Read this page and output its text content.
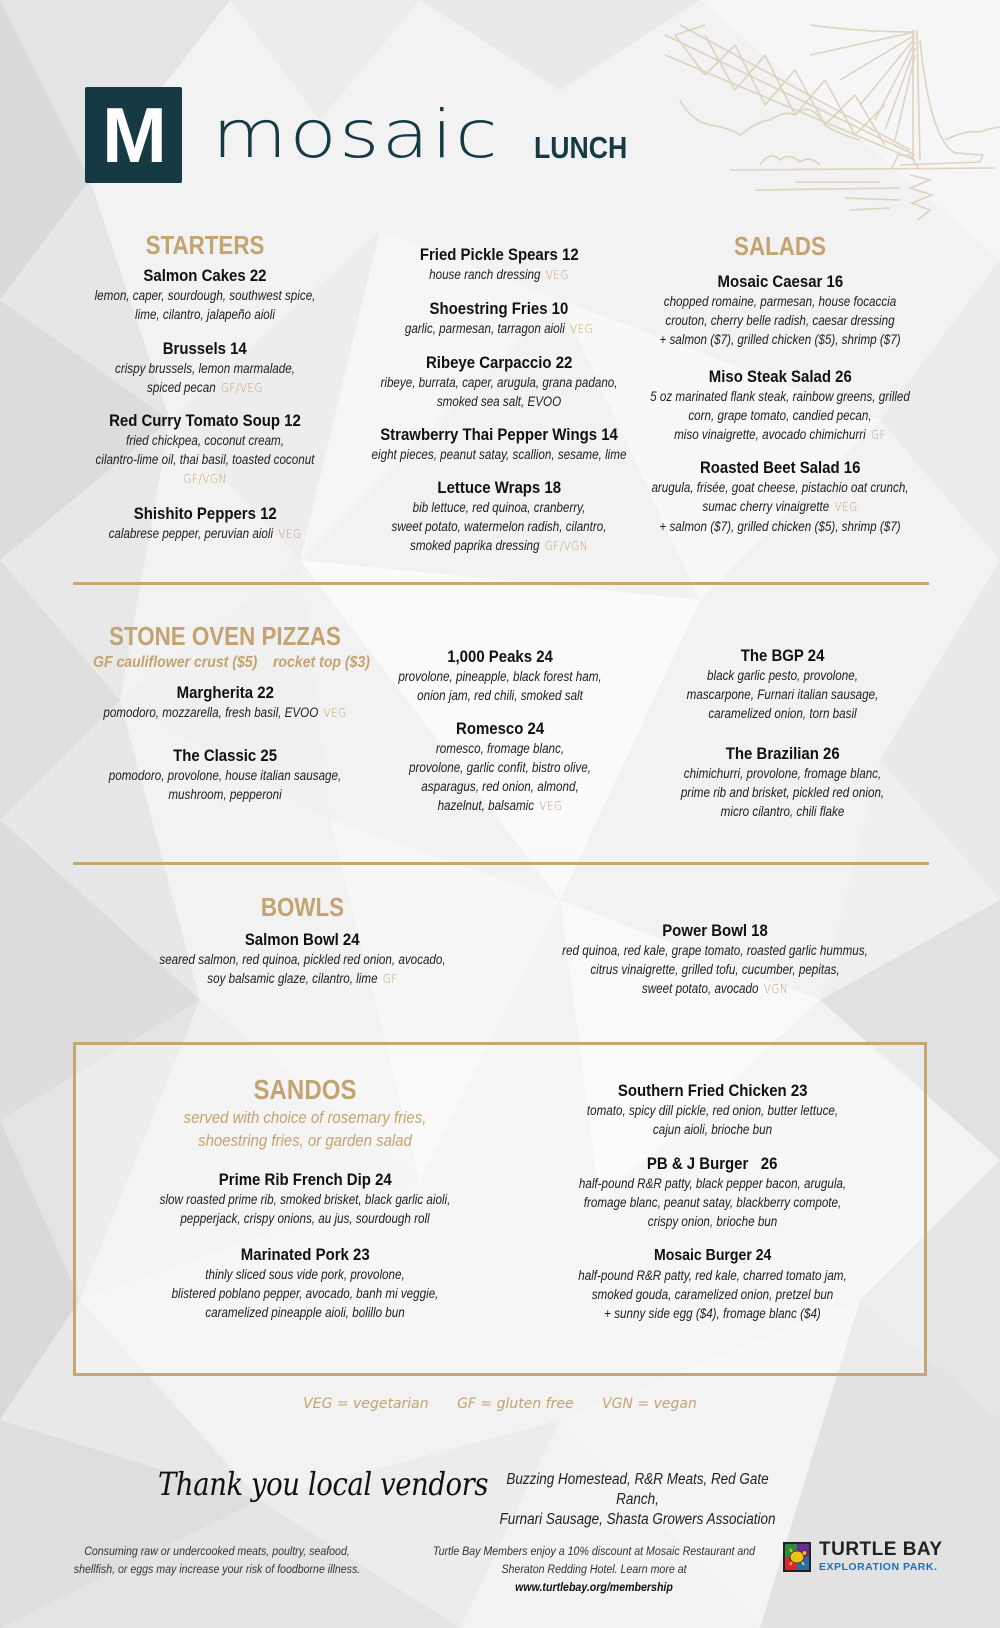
M mosaic LUNCH
STARTERS
Salmon Cakes 22
lemon, caper, sourdough, southwest spice,
lime, cilantro, jalapeño aioli
Brussels 14
crispy brussels, lemon marmalade,
spiced pecan GF/VEG
Red Curry Tomato Soup 12
fried chickpea, coconut cream,
cilantro-lime oil, thai basil, toasted coconut
GF/VGN
Shishito Peppers 12
calabrese pepper, peruvian aioli VEG
Fried Pickle Spears 12
house ranch dressing VEG
Shoestring Fries 10
garlic, parmesan, tarragon aioli VEG
Ribeye Carpaccio 22
ribeye, burrata, caper, arugula, grana padano,
smoked sea salt, EVOO
Strawberry Thai Pepper Wings 14
eight pieces, peanut satay, scallion, sesame, lime
Lettuce Wraps 18
bib lettuce, red quinoa, cranberry,
sweet potato, watermelon radish, cilantro,
smoked paprika dressing GF/VGN
SALADS
Mosaic Caesar 16
chopped romaine, parmesan, house focaccia
crouton, cherry belle radish, caesar dressing
+ salmon ($7), grilled chicken ($5), shrimp ($7)
Miso Steak Salad 26
5 oz marinated flank steak, rainbow greens, grilled
corn, grape tomato, candied pecan,
miso vinaigrette, avocado chimichurri GF
Roasted Beet Salad 16
arugula, frisée, goat cheese, pistachio oat crunch,
sumac cherry vinaigrette VEG
+ salmon ($7), grilled chicken ($5), shrimp ($7)
STONE OVEN PIZZAS
GF cauliflower crust ($5)    rocket top ($3)
Margherita 22
pomodoro, mozzarella, fresh basil, EVOO VEG
The Classic 25
pomodoro, provolone, house italian sausage,
mushroom, pepperoni
1,000 Peaks 24
provolone, pineapple, black forest ham,
onion jam, red chili, smoked salt
Romesco 24
romesco, fromage blanc,
provolone, garlic confit, bistro olive,
asparagus, red onion, almond,
hazelnut, balsamic VEG
The BGP 24
black garlic pesto, provolone,
mascarpone, Furnari italian sausage,
caramelized onion, torn basil
The Brazilian 26
chimichurri, provolone, fromage blanc,
prime rib and brisket, pickled red onion,
micro cilantro, chili flake
BOWLS
Salmon Bowl 24
seared salmon, red quinoa, pickled red onion, avocado,
soy balsamic glaze, cilantro, lime GF
Power Bowl 18
red quinoa, red kale, grape tomato, roasted garlic hummus,
citrus vinaigrette, grilled tofu, cucumber, pepitas,
sweet potato, avocado VGN
SANDOS
served with choice of rosemary fries,
shoestring fries, or garden salad
Prime Rib French Dip 24
slow roasted prime rib, smoked brisket, black garlic aioli,
pepperjack, crispy onions, au jus, sourdough roll
Marinated Pork 23
thinly sliced sous vide pork, provolone,
blistered poblano pepper, avocado, banh mi veggie,
caramelized pineapple aioli, bolillo bun
Southern Fried Chicken 23
tomato, spicy dill pickle, red onion, butter lettuce,
cajun aioli, brioche bun
PB & J Burger   26
half-pound R&R patty, black pepper bacon, arugula,
fromage blanc, peanut satay, blackberry compote,
crispy onion, brioche bun
Mosaic Burger 24
half-pound R&R patty, red kale, charred tomato jam,
smoked gouda, caramelized onion, pretzel bun
+ sunny side egg ($4), fromage blanc ($4)
VEG = vegetarian GF = gluten free VGN = vegan
Thank you local vendors	Buzzing Homestead, R&R Meats, Red Gate Ranch,
Furnari Sausage, Shasta Growers Association
Consuming raw or undercooked meats, poultry, seafood,
shellfish, or eggs may increase your risk of foodborne illness.
Turtle Bay Members enjoy a 10% discount at Mosaic Restaurant and
Sheraton Redding Hotel. Learn more at www.turtlebay.org/membership
TURTLE BAY
EXPLORATION PARK.
